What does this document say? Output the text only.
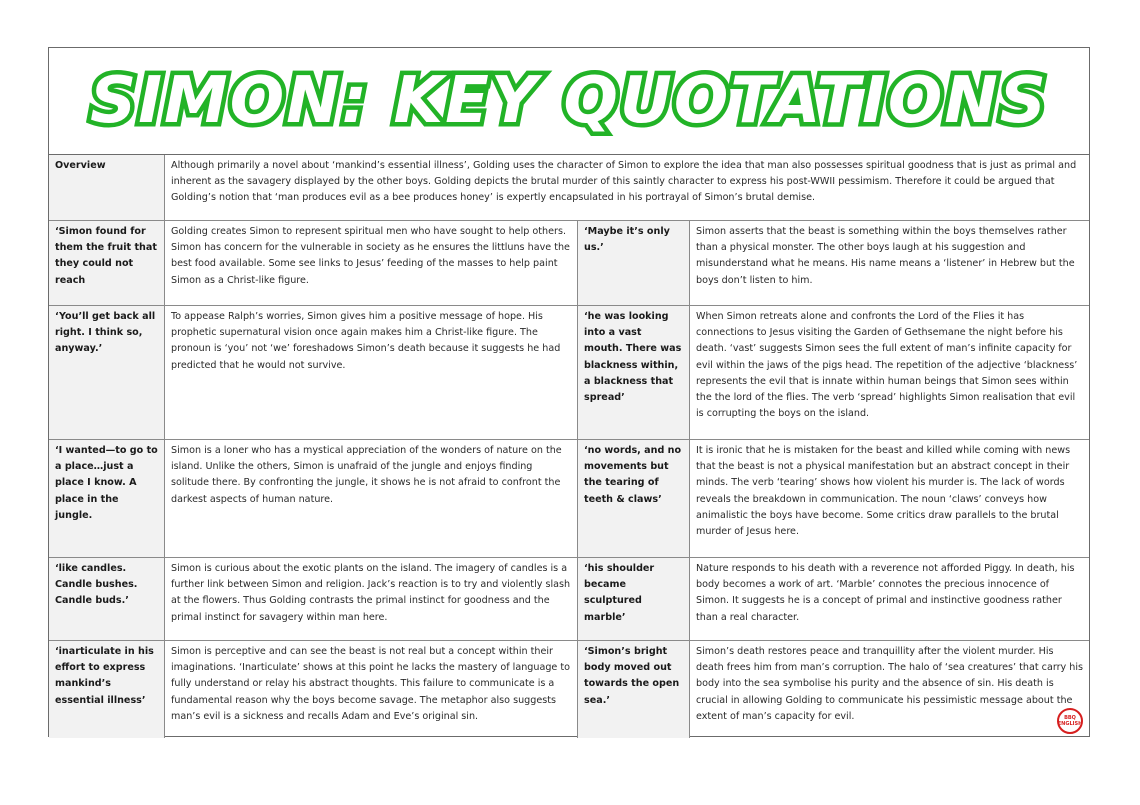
SIMON: KEY QUOTATIONS
Overview	Although primarily a novel about ‘mankind’s essential illness’, Golding uses the character of Simon to explore the idea that man also possesses spiritual goodness that is just as primal and inherent as the savagery displayed by the other boys. Golding depicts the brutal murder of this saintly character to express his post-WWII pessimism. Therefore it could be argued that Golding’s notion that ‘man produces evil as a bee produces honey’ is expertly encapsulated in his portrayal of Simon’s brutal demise.
‘Simon found for them the fruit that they could not reach
Golding creates Simon to represent spiritual men who have sought to help others. Simon has concern for the vulnerable in society as he ensures the littluns have the best food available. Some see links to Jesus’ feeding of the masses to help paint Simon as a Christ-like figure.
‘Maybe it’s only us.’
Simon asserts that the beast is something within the boys themselves rather than a physical monster. The other boys laugh at his suggestion and misunderstand what he means. His name means a ‘listener’ in Hebrew but the boys don’t listen to him.
‘You’ll get back all right. I think so, anyway.’
To appease Ralph’s worries, Simon gives him a positive message of hope. His prophetic supernatural vision once again makes him a Christ-like figure. The pronoun is ‘you’ not ‘we’ foreshadows Simon’s death because it suggests he had predicted that he would not survive.
‘he was looking into a vast mouth. There was blackness within, a blackness that spread’
When Simon retreats alone and confronts the Lord of the Flies it has connections to Jesus visiting the Garden of Gethsemane the night before his death. ‘vast’ suggests Simon sees the full extent of man’s infinite capacity for evil within the jaws of the pigs head. The repetition of the adjective ‘blackness’ represents the evil that is innate within human beings that Simon sees within the the lord of the flies. The verb ‘spread’ highlights Simon realisation that evil is corrupting the boys on the island.
‘I wanted—to go to a place…just a place I know. A place in the jungle.
Simon is a loner who has a mystical appreciation of the wonders of nature on the island. Unlike the others, Simon is unafraid of the jungle and enjoys finding solitude there. By confronting the jungle, it shows he is not afraid to confront the darkest aspects of human nature.
‘no words, and no movements but the tearing of teeth & claws’
It is ironic that he is mistaken for the beast and killed while coming with news that the beast is not a physical manifestation but an abstract concept in their minds. The verb ‘tearing’ shows how violent his murder is. The lack of words reveals the breakdown in communication. The noun ‘claws’ conveys how animalistic the boys have become. Some critics draw parallels to the brutal murder of Jesus here.
‘like candles. Candle bushes. Candle buds.’
Simon is curious about the exotic plants on the island. The imagery of candles is a further link between Simon and religion. Jack’s reaction is to try and violently slash at the flowers. Thus Golding contrasts the primal instinct for goodness and the primal instinct for savagery within man here.
‘his shoulder became sculptured marble’
Nature responds to his death with a reverence not afforded Piggy. In death, his body becomes a work of art. ‘Marble’ connotes the precious innocence of Simon. It suggests he is a concept of primal and instinctive goodness rather than a real character.
‘inarticulate in his effort to express mankind’s essential illness’
Simon is perceptive and can see the beast is not real but a concept within their imaginations. ‘Inarticulate’ shows at this point he lacks the mastery of language to fully understand or relay his abstract thoughts. This failure to communicate is a fundamental reason why the boys become savage. The metaphor also suggests man’s evil is a sickness and recalls Adam and Eve’s original sin.
‘Simon’s bright body moved out towards the open sea.’
Simon’s death restores peace and tranquillity after the violent murder. His death frees him from man’s corruption. The halo of ‘sea creatures’ that carry his body into the sea symbolise his purity and the absence of sin. His death is crucial in allowing Golding to communicate his pessimistic message about the extent of man’s capacity for evil.	BBQ
ENGLISH
